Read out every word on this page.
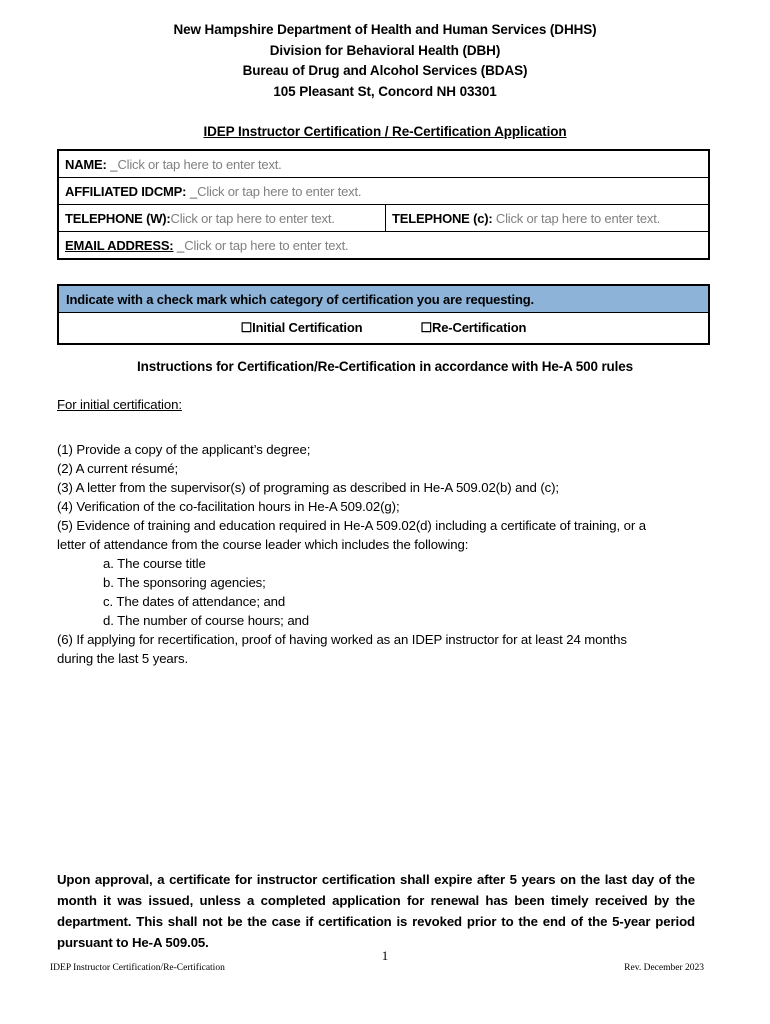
New Hampshire Department of Health and Human Services (DHHS)
Division for Behavioral Health (DBH)
Bureau of Drug and Alcohol Services (BDAS)
105 Pleasant St, Concord NH 03301
IDEP Instructor Certification / Re-Certification Application
NAME: _Click or tap here to enter text.
AFFILIATED IDCMP: _Click or tap here to enter text.
TELEPHONE (W):Click or tap here to enter text.	TELEPHONE (c): Click or tap here to enter text.
EMAIL ADDRESS: _Click or tap here to enter text.
Indicate with a check mark which category of certification you are requesting.
☐Initial Certification	☐Re-Certification
Instructions for Certification/Re-Certification in accordance with He-A 500 rules
For initial certification:
(1) Provide a copy of the applicant’s degree;
(2) A current résumé;
(3) A letter from the supervisor(s) of programing as described in He-A 509.02(b) and (c);
(4) Verification of the co-facilitation hours in He-A 509.02(g);
(5) Evidence of training and education required in He-A 509.02(d) including a certificate of training, or a
letter of attendance from the course leader which includes the following:
a. The course title
b. The sponsoring agencies;
c. The dates of attendance; and
d. The number of course hours; and
(6) If applying for recertification, proof of having worked as an IDEP instructor for at least 24 months
during the last 5 years.
Upon approval, a certificate for instructor certification shall expire after 5 years on the last day of the month it was issued, unless a completed application for renewal has been timely received by the department. This shall not be the case if certification is revoked prior to the end of the 5-year period pursuant to He-A 509.05.
1
IDEP Instructor Certification/Re-Certification	Rev. December 2023
